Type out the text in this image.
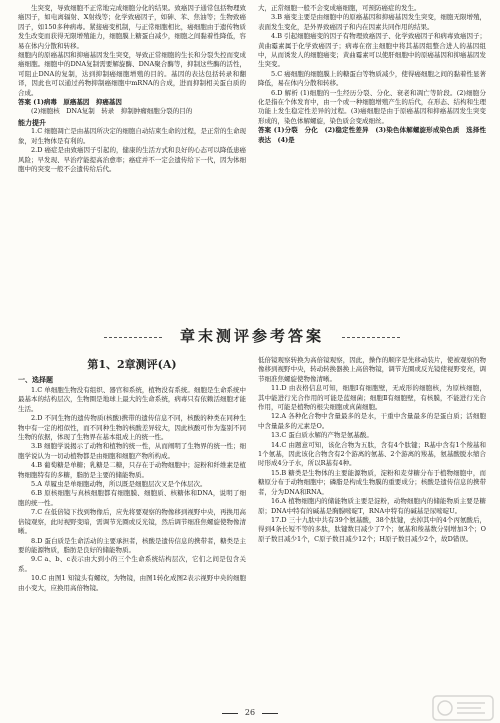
生突变，导致细胞不正常地完成细胞分化的结果。致癌因子通常包括物理致癌因子，如电离辐射、X射线等；化学致癌因子，如砷、苯、焦油等；生物致癌因子，如150多种病毒。紧接癌变机制，与正常细胞相比，癌细胞由于遗传物质发生改变而获得无限增殖能力，细胞膜上糖蛋白减少，细胞之间黏着性降低，容易在体内分散和转移。

细胞内的原癌基因和抑癌基因发生突变，导致正常细胞的生长和分裂失控而变成癌细胞。细胞中的DNA复制需要解旋酶、DNA聚合酶等，抑制这些酶的活性，可阻止DNA的复制，达到抑制癌细胞增殖的目的。基因的表达包括转录和翻译，因此也可以通过药物抑制癌细胞中mRNA的合成，进而抑制相关蛋白质的合成。

答案 (1)病毒　原癌基因　抑癌基因

(2)细胞核　DNA复制　转录　抑制肿瘤细胞分裂的目的

能力提升

1.C 细胞凋亡是由基因所决定的细胞自动结束生命的过程，是正常的生命现象，对生物体是有利的。

2.D 癌症是由致癌因子引起的，健康的生活方式和良好的心态可以降低患癌风险；早发现、早治疗能提高治愈率；癌症并不一定会遗传给下一代，因为体细胞中的突变一般不会遗传给后代。

大，正常细胞一般不会变成癌细胞，可预防癌症的发生。

3.B 癌变主要是由细胞中的原癌基因和抑癌基因发生突变，细胞无限增殖，表面发生变化，是外界致癌因子和内在因素共同作用的结果。

4.B 引起细胞癌变的因子有物理致癌因子、化学致癌因子和病毒致癌因子；黄曲霉素属于化学致癌因子；病毒在宿主细胞中将其基因组整合进人的基因组中，从而诱发人的细胞癌变；黄曲霉素可以使肝细胞中的原癌基因和抑癌基因发生突变。

5.C 癌细胞的细胞膜上的糖蛋白等物质减少，使得癌细胞之间的黏着性显著降低，易在体内分散和转移。

6.D 解析 (1)细胞的一生经历分裂、分化、衰老和凋亡等阶段。(2)细胞分化是指在个体发育中，由一个或一种细胞增殖产生的后代，在形态、结构和生理功能上发生稳定性差异的过程。(3)癌细胞是由于原癌基因和抑癌基因发生突变形成的，染色体解螺旋，染色质会变成细丝。

答案 (1)分裂　分化　(2)稳定性差异　(3)染色体解螺旋形成染色质　选择性表达　(4)是

章末测评参考答案
第1、2章测评(A)
一、选择题

1.C 单细胞生物没有组织、器官和系统，植物没有系统。细胞是生命系统中最基本的结构层次，生物圈是地球上最大的生命系统，病毒只有依赖活细胞才能生活。

2.D 不同生物的遗传物质(核酸)携带的遗传信息不同，核酸的种类在同种生物中有一定的相似性，而不同种生物的核酸差异较大，因此核酸可作为鉴别不同生物的依据，体现了生物界在基本组成上的统一性。

3.B 细胞学说揭示了动物和植物的统一性，从而阐明了生物界的统一性；细胞学说认为一切动植物都是由细胞和细胞产物所构成。

4.B 葡萄糖是单糖；乳糖是二糖，只存在于动物细胞中；淀粉和纤维素是植物细胞特有的多糖，脂肪是主要的储能物质。

5.A 草履虫是单细胞动物，所以既是细胞层次又是个体层次。

6.B 原核细胞与真核细胞都有细胞膜、细胞质、核糖体和DNA，说明了细胞的统一性。

7.C 在低倍镜下找到物像后，应先将要观察的物像移到视野中央，再换用高倍镜观察，此时视野变暗，需调节光圈或反光镜，然后调节细准焦螺旋使物像清晰。

8.D 蛋白质是生命活动的主要承担者，核酸是遗传信息的携带者，糖类是主要的能源物质，脂肪是良好的储能物质。

9.C a、b、c表示由大到小的三个生命系统结构层次，它们之间是包含关系。

10.C 由图1 知镜头有螺纹，为物镜，由图1转化成图2表示视野中央的细胞由小变大，应换用高倍物镜。

低倍镜观察转换为高倍镜观察，因此，操作的顺序是先移动装片，使被观察的物像移到视野中央，转动转换器换上高倍物镜，调节光圈或反光镜使视野变亮，调节细准焦螺旋使物像清晰。

11.D 由表格信息可知，细胞Ⅰ有细胞壁，无成形的细胞核，为原核细胞，其中能进行光合作用的可能是蓝细菌；细胞Ⅱ有细胞壁，有核膜，不能进行光合作用，可能是植物的根尖细胞或真菌细胞。

12.A 各种化合物中含量最多的是水，干重中含量最多的是蛋白质；活细胞中含量最多的元素是O。

13.C 蛋白质水解的产物是氨基酸。

14.C 由题意可知，该化合物为五肽，含有4个肽键；R基中含有1个羧基和1个氨基，因此该化合物含有2个游离的氨基、2个游离的羧基，氨基酸脱水缩合时形成4分子水，所以R基有4种。

15.B 糖类是生物体的主要能源物质，淀粉和麦芽糖分布于植物细胞中，而糖原分布于动物细胞中；磷脂是构成生物膜的重要成分；核酸是遗传信息的携带者，分为DNA和RNA。

16.A 植物细胞内的储能物质主要是淀粉，动物细胞内的储能物质主要是糖原；DNA中特有的碱基是胸腺嘧啶T，RNA中特有的碱基是尿嘧啶U。

17.D 三十九肽中共有39个氨基酸，38个肽键，去掉其中的4个丙氨酸后，得到4条长短不等的多肽，肽键数目减少了7个；氨基和羧基数分别增加3个；O原子数目减少1个，C原子数目减少12个；H原子数目减少2个，故D错误。

26
